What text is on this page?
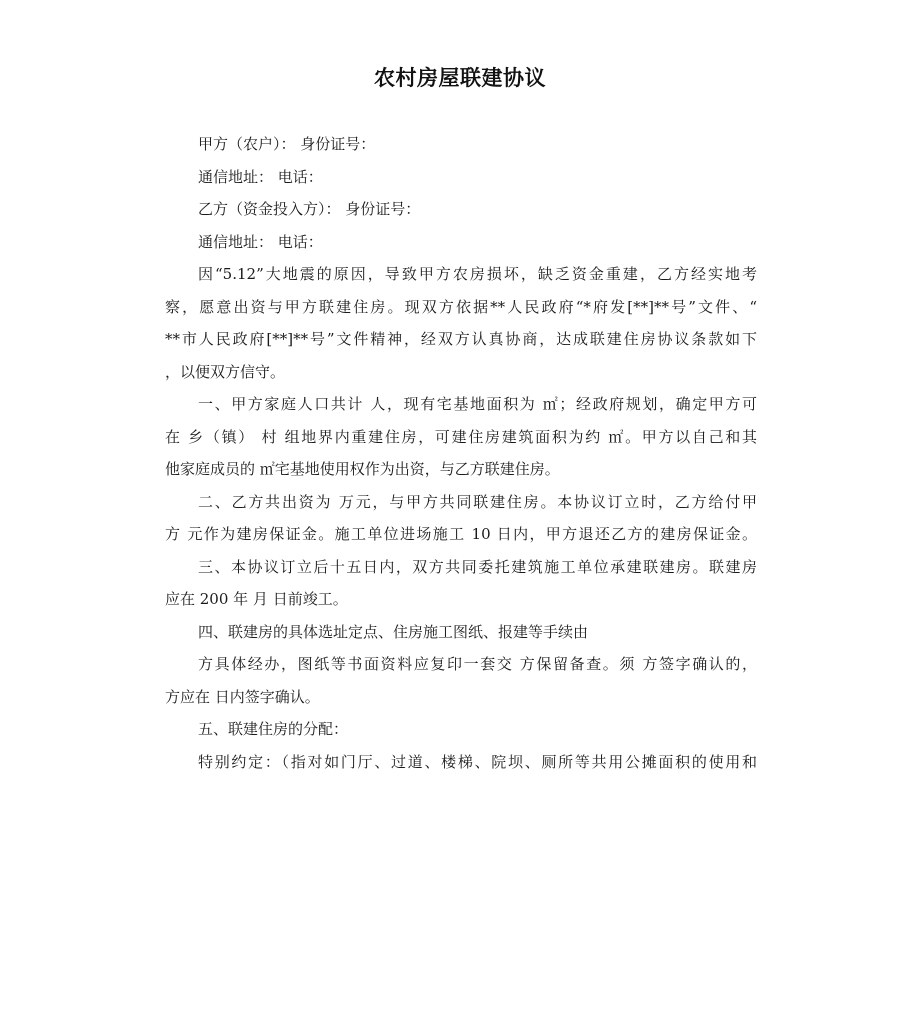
农村房屋联建协议
甲方（农户）： 身份证号：
通信地址： 电话：
乙方（资金投入方）： 身份证号：
通信地址： 电话：
因“5.12”大地震的原因，导致甲方农房损坏，缺乏资金重建，乙方经实地考
察，愿意出资与甲方联建住房。现双方依据**人民政府“*府发[**]**号”文件、“
**市人民政府[**]**号”文件精神，经双方认真协商，达成联建住房协议条款如下
，以便双方信守。
一、甲方家庭人口共计 人，现有宅基地面积为 ㎡；经政府规划，确定甲方可
在 乡（镇） 村 组地界内重建住房，可建住房建筑面积为约 ㎡。甲方以自己和其
他家庭成员的 ㎡宅基地使用权作为出资，与乙方联建住房。
二、乙方共出资为 万元，与甲方共同联建住房。本协议订立时，乙方给付甲
方 元作为建房保证金。施工单位进场施工 10 日内，甲方退还乙方的建房保证金。
三、本协议订立后十五日内，双方共同委托建筑施工单位承建联建房。联建房
应在 200 年 月 日前竣工。
四、联建房的具体选址定点、住房施工图纸、报建等手续由
方具体经办，图纸等书面资料应复印一套交 方保留备查。须 方签字确认的，
方应在 日内签字确认。
五、联建住房的分配：
特别约定：（指对如门厅、过道、楼梯、院坝、厕所等共用公摊面积的使用和
